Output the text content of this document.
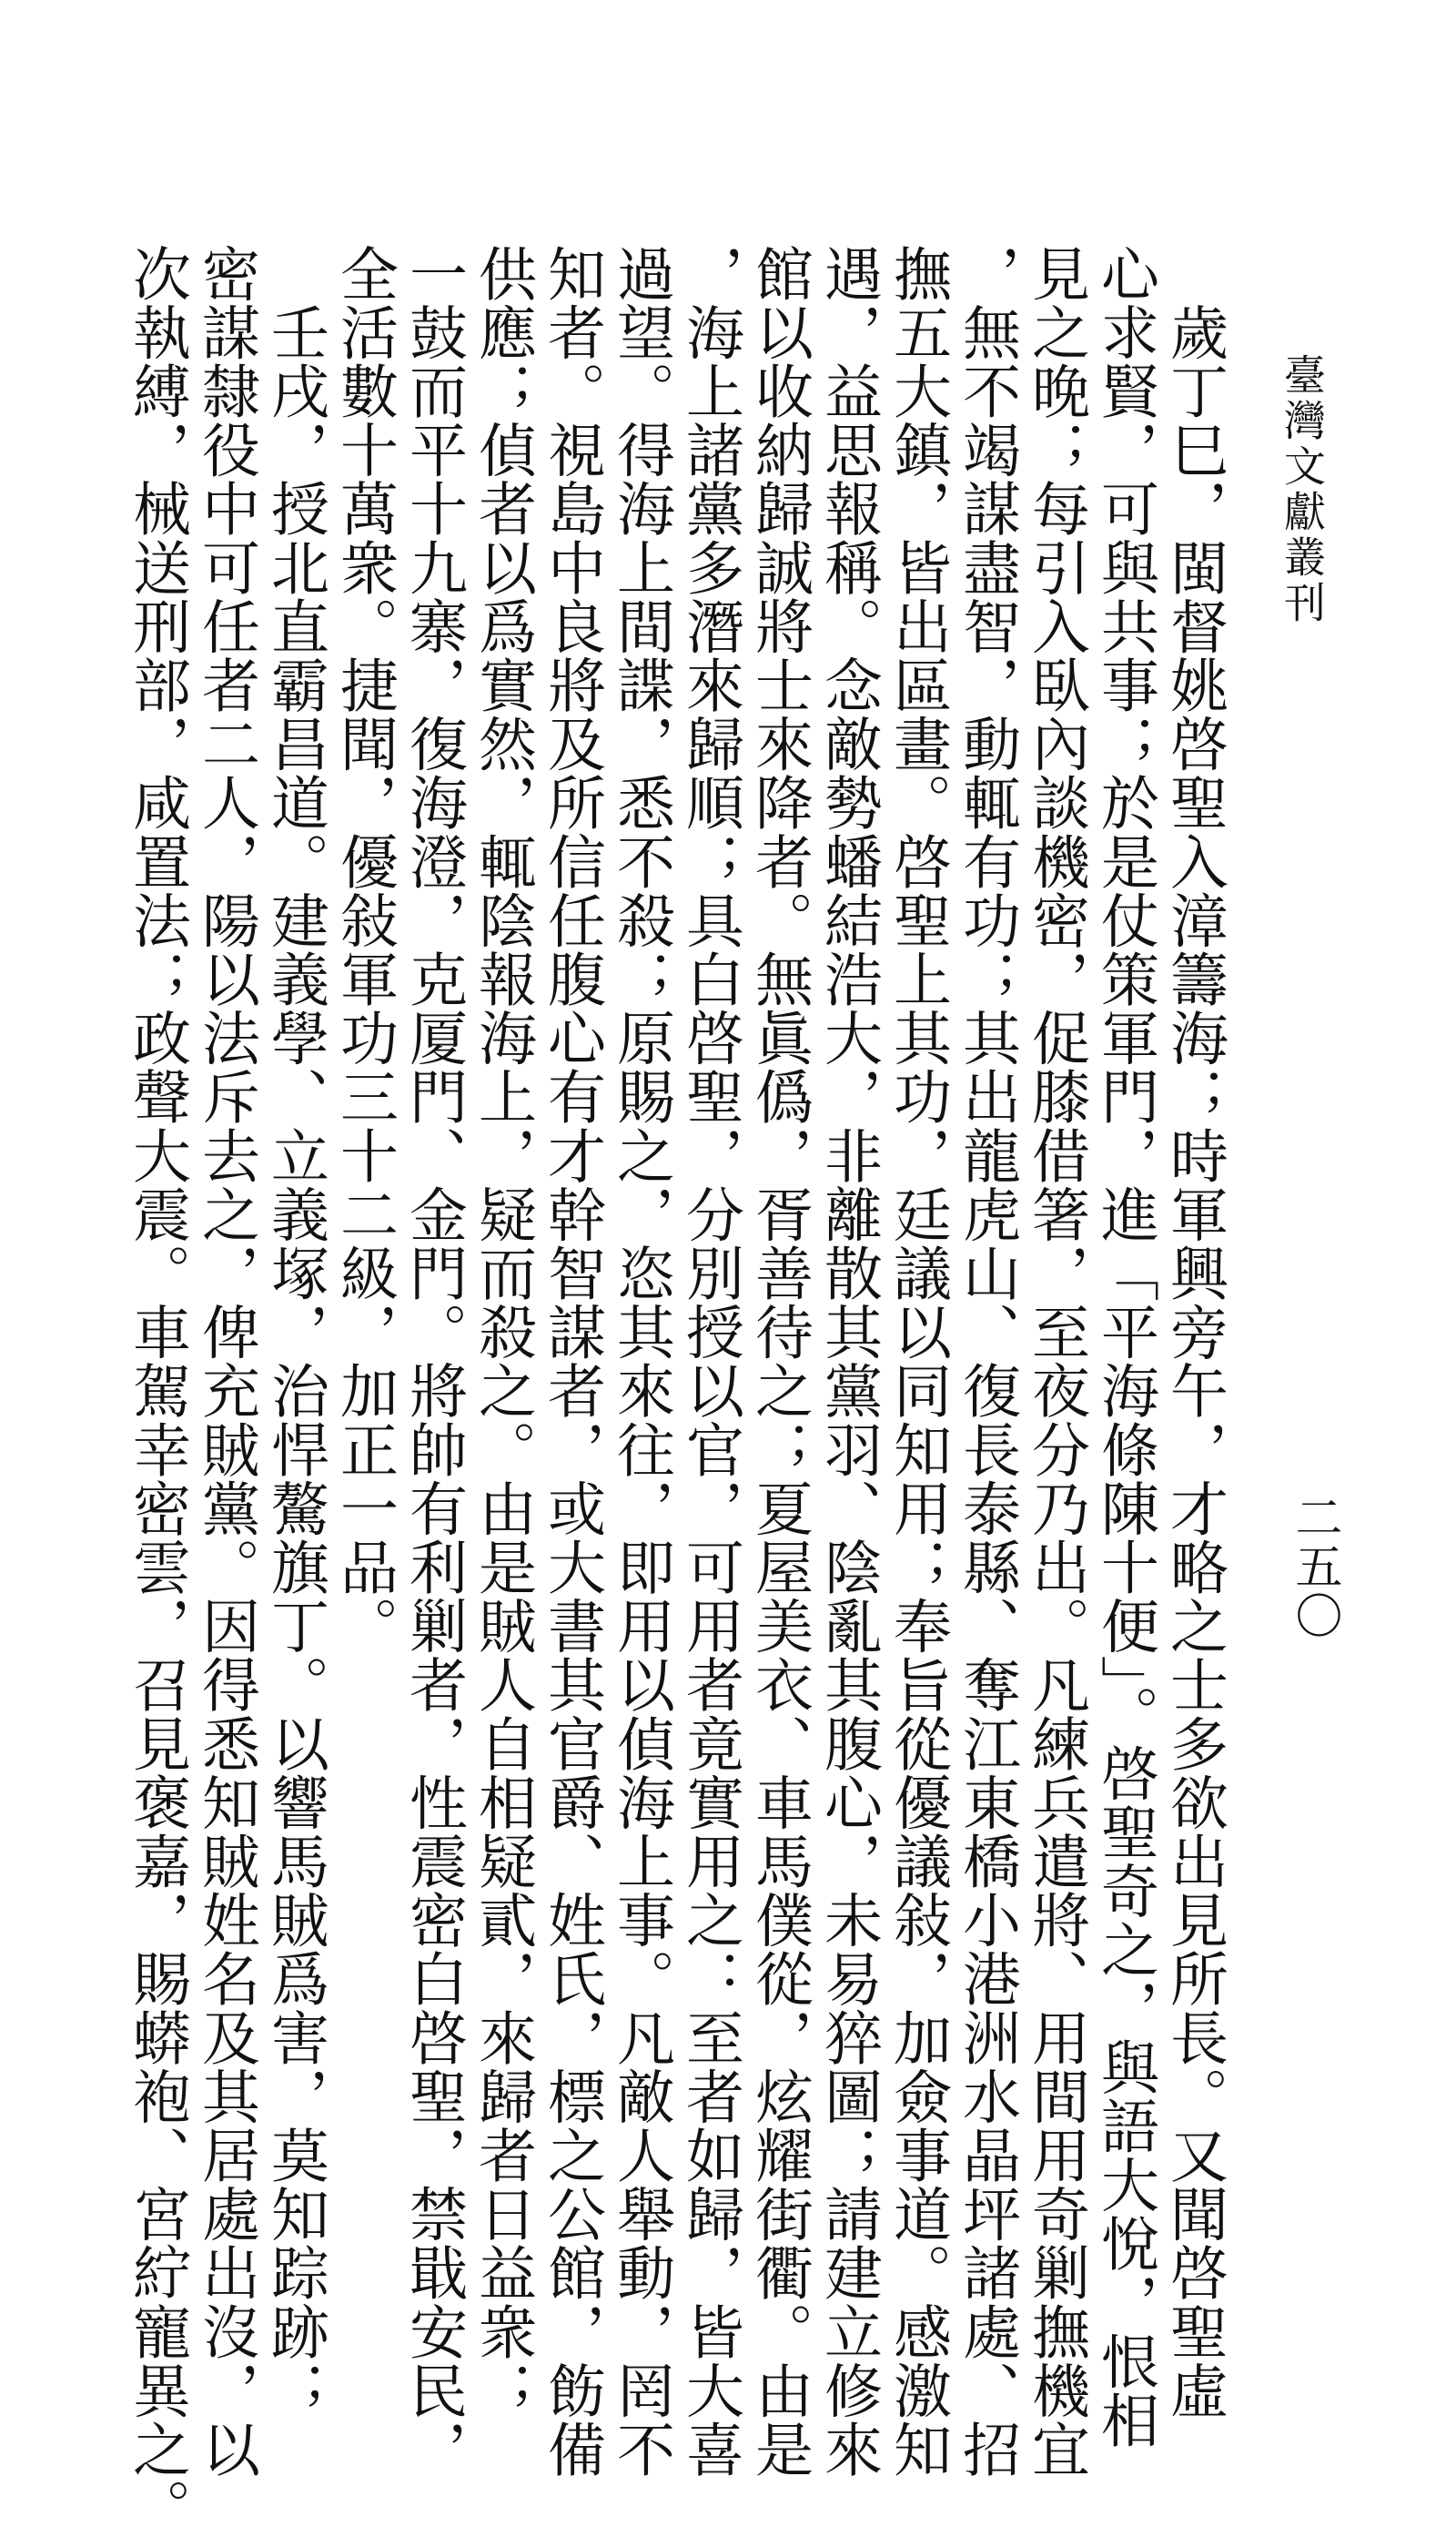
臺灣文獻叢刊
二五〇
　歲丁巳，閩督姚啓聖入漳籌海；時軍興旁午，才略之士多欲出見所長。又聞啓聖虛
心求賢，可與共事；於是仗策軍門，進「平海條陳十便」。啓聖奇之，與語大悅，恨相
見之晚；每引入臥內談機密，促膝借箸，至夜分乃出。凡練兵遣將、用間用奇剿撫機宜
，無不竭謀盡智，動輒有功；其出龍虎山、復長泰縣、奪江東橋小港洲水晶坪諸處、招
撫五大鎮，皆出區畫。啓聖上其功，廷議以同知用；奉旨從優議敍，加僉事道。感激知
遇，益思報稱。念敵勢蟠結浩大，非離散其黨羽、陰亂其腹心，未易猝圖；請建立修來
館以收納歸誠將士來降者。無眞僞，胥善待之；夏屋美衣、車馬僕從，炫耀街衢。由是
，海上諸黨多潛來歸順；具白啓聖，分別授以官，可用者竟實用之：至者如歸，皆大喜
過望。得海上間諜，悉不殺；原賜之，恣其來往，即用以偵海上事。凡敵人舉動，罔不
知者。視島中良將及所信任腹心有才幹智謀者，或大書其官爵、姓氏，標之公館，飭備
供應；偵者以爲實然，輒陰報海上，疑而殺之。由是賊人自相疑貳，來歸者日益衆；
一鼓而平十九寨，復海澄，克厦門、金門。將帥有利剿者，性震密白啓聖，禁戢安民，
全活數十萬衆。捷聞，優敍軍功三十二級，加正一品。
　壬戌，授北直霸昌道。建義學、立義塚，治悍驁旗丁。以響馬賊爲害，莫知踪跡；
密謀隸役中可任者二人，陽以法斥去之，俾充賊黨。因得悉知賊姓名及其居處出沒，以
次執縛，械送刑部，咸置法；政聲大震。車駕幸密雲，召見褒嘉，賜蟒袍、宮紵寵異之。
